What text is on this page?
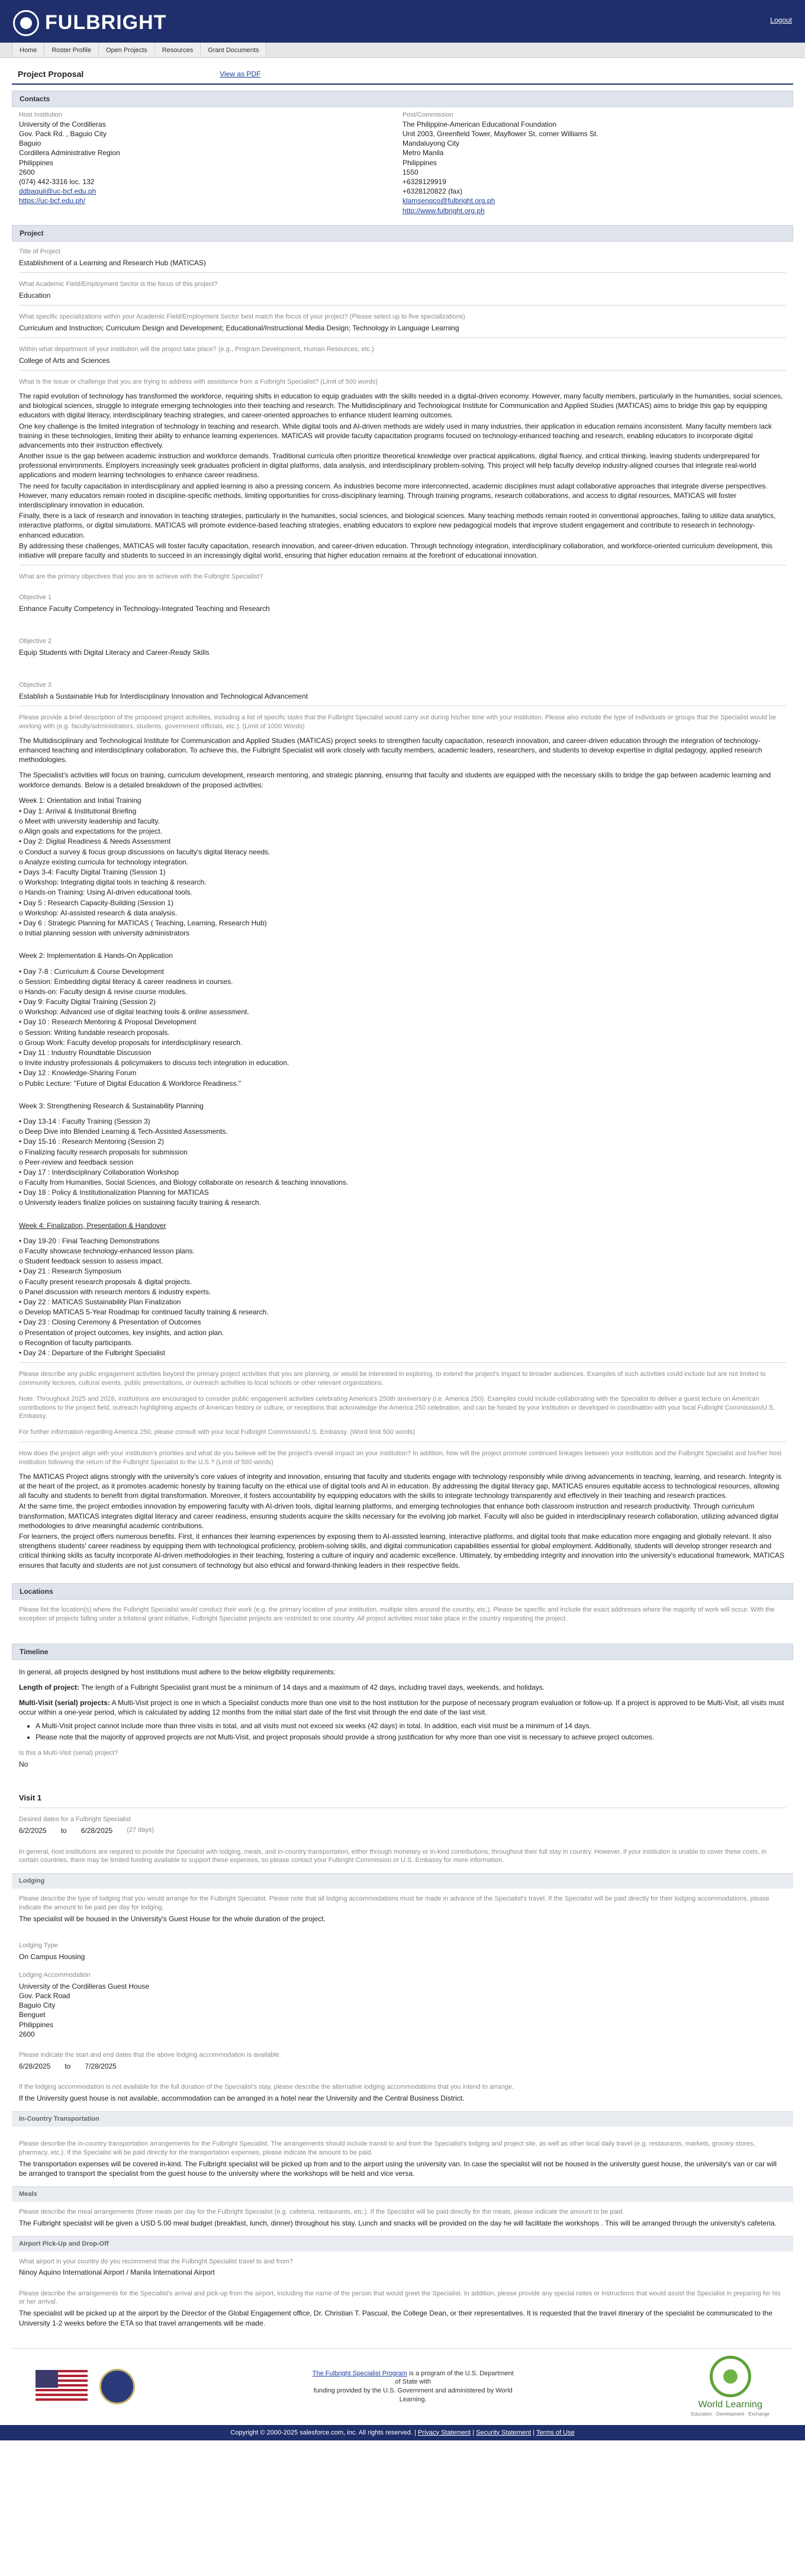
FULBRIGHT	Logout
Home	Roster Profile	Open Projects	Resources	Grant Documents
Project Proposal	View as PDF
Contacts
Host Institution
University of the Cordilleras
Gov. Pack Rd. , Baguio City
Baguio
Cordillera Administrative Region
Philippines
2600
(074) 442-3316 loc. 132
ddbaquil@uc-bcf.edu.ph
https://uc-bcf.edu.ph/
Post/Commission
The Philippine-American Educational Foundation
Unit 2003, Greenfield Tower, Mayflower St. corner Williams St.
Mandaluyong City
Metro Manila
Philippines
1550
+6328129919
+6328120822 (fax)
klamsengco@fulbright.org.ph
http://www.fulbright.org.ph
Project
Title of Project
Establishment of a Learning and Research Hub (MATICAS)
What Academic Field/Employment Sector is the focus of this project?
Education
What specific specializations within your Academic Field/Employment Sector best match the focus of your project? (Please select up to five specializations)
Curriculum and Instruction; Curriculum Design and Development; Educational/Instructional Media Design; Technology in Language Learning
Within what department of your institution will the project take place? (e.g., Program Development, Human Resources, etc.)
College of Arts and Sciences
What is the issue or challenge that you are trying to address with assistance from a Fulbright Specialist? (Limit of 500 words)

The rapid evolution of technology has transformed the workforce, requiring shifts in education to equip graduates with the skills needed in a digital-driven economy. However, many faculty members, particularly in the humanities, social sciences, and biological sciences, struggle to integrate emerging technologies into their teaching and research. The Multidisciplinary and Technological Institute for Communication and Applied Studies (MATICAS) aims to bridge this gap by equipping educators with digital literacy, interdisciplinary teaching strategies, and career-oriented approaches to enhance student learning outcomes.

One key challenge is the limited integration of technology in teaching and research. While digital tools and AI-driven methods are widely used in many industries, their application in education remains inconsistent. Many faculty members lack training in these technologies, limiting their ability to enhance learning experiences. MATICAS will provide faculty capacitation programs focused on technology-enhanced teaching and research, enabling educators to incorporate digital advancements into their instruction effectively.

Another issue is the gap between academic instruction and workforce demands. Traditional curricula often prioritize theoretical knowledge over practical applications, digital fluency, and critical thinking, leaving students underprepared for professional environments. Employers increasingly seek graduates proficient in digital platforms, data analysis, and interdisciplinary problem-solving. This project will help faculty develop industry-aligned courses that integrate real-world applications and modern learning technologies to enhance career readiness.

The need for faculty capacitation in interdisciplinary and applied learning is also a pressing concern. As industries become more interconnected, academic disciplines must adapt collaborative approaches that integrate diverse perspectives. However, many educators remain rooted in discipline-specific methods, limiting opportunities for cross-disciplinary learning. Through training programs, research collaborations, and access to digital resources, MATICAS will foster interdisciplinary innovation in education.

Finally, there is a lack of research and innovation in teaching strategies, particularly in the humanities, social sciences, and biological sciences. Many teaching methods remain rooted in conventional approaches, failing to utilize data analytics, interactive platforms, or digital simulations. MATICAS will promote evidence-based teaching strategies, enabling educators to explore new pedagogical models that improve student engagement and contribute to research in technology-enhanced education.

By addressing these challenges, MATICAS will foster faculty capacitation, research innovation, and career-driven education. Through technology integration, interdisciplinary collaboration, and workforce-oriented curriculum development, this initiative will prepare faculty and students to succeed in an increasingly digital world, ensuring that higher education remains at the forefront of educational innovation.

What are the primary objectives that you are to achieve with the Fulbright Specialist?
Objective 1
Enhance Faculty Competency in Technology-Integrated Teaching and Research
Objective 2
Equip Students with Digital Literacy and Career-Ready Skills
Objective 3
Establish a Sustainable Hub for Interdisciplinary Innovation and Technological Advancement
Please provide a brief description of the proposed project activities, including a list of specific tasks that the Fulbright Specialist would carry out during his/her time with your institution. Please also include the type of individuals or groups that the Specialist would be working with (e.g. faculty/administrators, students, government officials, etc.). (Limit of 1000 Words)

The Multidisciplinary and Technological Institute for Communication and Applied Studies (MATICAS) project seeks to strengthen faculty capacitation, research innovation, and career-driven education through the integration of technology-enhanced teaching and interdisciplinary collaboration. To achieve this, the Fulbright Specialist will work closely with faculty members, academic leaders, researchers, and students to develop expertise in digital pedagogy, applied research methodologies.

The Specialist's activities will focus on training, curriculum development, research mentoring, and strategic planning, ensuring that faculty and students are equipped with the necessary skills to bridge the gap between academic learning and workforce demands. Below is a detailed breakdown of the proposed activities:

Week 1: Orientation and Initial Training
• Day 1: Arrival & Institutional Briefing
o Meet with university leadership and faculty.
o Align goals and expectations for the project.
• Day 2: Digital Readiness & Needs Assessment
o Conduct a survey & focus group discussions on faculty's digital literacy needs.
o Analyze existing curricula for technology integration.
• Days 3-4: Faculty Digital Training (Session 1)
o Workshop: Integrating digital tools in teaching & research.
o Hands-on Training: Using AI-driven educational tools.
• Day 5 : Research Capacity-Building (Session 1)
o Workshop: AI-assisted research & data analysis.
• Day 6 : Strategic Planning for MATICAS ( Teaching, Learning, Research Hub)
o Initial planning session with university administrators
Week 2: Implementation & Hands-On Application
• Day 7-8 : Curriculum & Course Development
o Session: Embedding digital literacy & career readiness in courses.
o Hands-on: Faculty design & revise course modules.
• Day 9: Faculty Digital Training (Session 2)
o Workshop: Advanced use of digital teaching tools & online assessment.
• Day 10 : Research Mentoring & Proposal Development
o Session: Writing fundable research proposals.
o Group Work: Faculty develop proposals for interdisciplinary research.
• Day 11 : Industry Roundtable Discussion
o Invite industry professionals & policymakers to discuss tech integration in education.
• Day 12 : Knowledge-Sharing Forum
o Public Lecture: "Future of Digital Education & Workforce Readiness."
Week 3: Strengthening Research & Sustainability Planning
• Day 13-14 : Faculty Training (Session 3)
o Deep Dive into Blended Learning & Tech-Assisted Assessments.
• Day 15-16 : Research Mentoring (Session 2)
o Finalizing faculty research proposals for submission
o Peer-review and feedback session
• Day 17 : Interdisciplinary Collaboration Workshop
o Faculty from Humanities, Social Sciences, and Biology collaborate on research & teaching innovations.
• Day 18 : Policy & Institutionalization Planning for MATICAS
o University leaders finalize policies on sustaining faculty training & research.
Week 4: Finalization, Presentation & Handover
• Day 19-20 : Final Teaching Demonstrations
o Faculty showcase technology-enhanced lesson plans.
o Student feedback session to assess impact.
• Day 21 : Research Symposium
o Faculty present research proposals & digital projects.
o Panel discussion with research mentors & industry experts.
• Day 22 : MATICAS Sustainability Plan Finalization
o Develop MATICAS 5-Year Roadmap for continued faculty training & research.
• Day 23 : Closing Ceremony & Presentation of Outcomes
o Presentation of project outcomes, key insights, and action plan.
o Recognition of faculty participants.
• Day 24 : Departure of the Fulbright Specialist
Please describe any public engagement activities beyond the primary project activities that you are planning, or would be interested in exploring, to extend the project's impact to broader audiences. Examples of such activities could include but are not limited to community lectures, cultural events, public presentations, or outreach activities to local schools or other relevant organizations.
Note: Throughout 2025 and 2026, institutions are encouraged to consider public engagement activities celebrating America's 250th anniversary (i.e. America 250). Examples could include collaborating with the Specialist to deliver a guest lecture on American contributions to the project field, outreach highlighting aspects of American history or culture, or receptions that acknowledge the America 250 celebration, and can be hosted by your institution or developed in coordination with your local Fulbright Commission/U.S. Embassy.
For further information regarding America 250, please consult with your local Fulbright Commission/U.S. Embassy. (Word limit 500 words)
How does the project align with your institution's priorities and what do you believe will be the project's overall impact on your institution? In addition, how will the project promote continued linkages between your institution and the Fulbright Specialist and his/her host institution following the return of the Fulbright Specialist to the U.S.? (Limit of 500 words)

The MATICAS Project aligns strongly with the university's core values of integrity and innovation, ensuring that faculty and students engage with technology responsibly while driving advancements in teaching, learning, and research. Integrity is at the heart of the project, as it promotes academic honesty by training faculty on the ethical use of digital tools and AI in education. By addressing the digital literacy gap, MATICAS ensures equitable access to technological resources, allowing all faculty and students to benefit from digital transformation. Moreover, it fosters accountability by equipping educators with the skills to integrate technology transparently and effectively in their teaching and research practices.

At the same time, the project embodies innovation by empowering faculty with AI-driven tools, digital learning platforms, and emerging technologies that enhance both classroom instruction and research productivity. Through curriculum transformation, MATICAS integrates digital literacy and career readiness, ensuring students acquire the skills necessary for the evolving job market. Faculty will also be guided in interdisciplinary research collaboration, utilizing advanced digital methodologies to drive meaningful academic contributions.

For learners, the project offers numerous benefits. First, it enhances their learning experiences by exposing them to AI-assisted learning, interactive platforms, and digital tools that make education more engaging and globally relevant. It also strengthens students' career readiness by equipping them with technological proficiency, problem-solving skills, and digital communication capabilities essential for global employment. Additionally, students will develop stronger research and critical thinking skills as faculty incorporate AI-driven methodologies in their teaching, fostering a culture of inquiry and academic excellence. Ultimately, by embedding integrity and innovation into the university's educational framework, MATICAS ensures that faculty and students are not just consumers of technology but also ethical and forward-thinking leaders in their respective fields.

Locations
Please list the location(s) where the Fulbright Specialist would conduct their work (e.g. the primary location of your institution, multiple sites around the country, etc.). Please be specific and include the exact addresses where the majority of work will occur. With the exception of projects falling under a trilateral grant initiative, Fulbright Specialist projects are restricted to one country. All project activities must take place in the country requesting the project.
Timeline
In general, all projects designed by host institutions must adhere to the below eligibility requirements:
Length of project: The length of a Fulbright Specialist grant must be a minimum of 14 days and a maximum of 42 days, including travel days, weekends, and holidays.
Multi-Visit (serial) projects: A Multi-Visit project is one in which a Specialist conducts more than one visit to the host institution for the purpose of necessary program evaluation or follow-up. If a project is approved to be Multi-Visit, all visits must occur within a one-year period, which is calculated by adding 12 months from the initial start date of the first visit through the end date of the last visit.
• A Multi-Visit project cannot include more than three visits in total, and all visits must not exceed six weeks (42 days) in total. In addition, each visit must be a minimum of 14 days.
• Please note that the majority of approved projects are not Multi-Visit, and project proposals should provide a strong justification for why more than one visit is necessary to achieve project outcomes.
Is this a Multi-Visit (serial) project?
No
Visit 1
Desired dates for a Fulbright Specialist
6/2/2025 to 6/28/2025 (27 days)
In general, host institutions are required to provide the Specialist with lodging, meals, and in-country transportation, either through monetary or in-kind contributions, throughout their full stay in country. However, if your institution is unable to cover these costs, in certain countries, there may be limited funding available to support these expenses, so please contact your Fulbright Commission or U.S. Embassy for more information.
Lodging
Please describe the type of lodging that you would arrange for the Fulbright Specialist. Please note that all lodging accommodations must be made in advance of the Specialist's travel. If the Specialist will be paid directly for their lodging accommodations, please indicate the amount to be paid per day for lodging.
The specialist will be housed in the University's Guest House for the whole duration of the project.
Lodging Type
On Campus Housing
Lodging Accommodation
University of the Cordilleras Guest House
Gov. Pack Road
Baguio City
Benguet
Philippines
2600
Please indicate the start and end dates that the above lodging accommodation is available.
6/28/2025 to 7/28/2025
If the lodging accommodation is not available for the full duration of the Specialist's stay, please describe the alternative lodging accommodations that you intend to arrange.
If the University guest house is not available, accommodation can be arranged in a hotel near the University and the Central Business District.
In-Country Transportation
Please describe the in-country transportation arrangements for the Fulbright Specialist. The arrangements should include transit to and from the Specialist's lodging and project site, as well as other local daily travel (e.g. restaurants, markets, grocery stores, pharmacy, etc.). If the Specialist will be paid directly for the transportation expenses, please indicate the amount to be paid.
The transportation expenses will be covered in-kind. The Fulbright specialist will be picked up from and to the airport using the university van. In case the specialist will not be housed in the university guest house, the university's van or car will be arranged to transport the specialist from the guest house to the university where the workshops will be held and vice versa.
Meals
Please describe the meal arrangements (three meals per day for the Fulbright Specialist (e.g. cafeteria, restaurants, etc.). If the Specialist will be paid directly for the meals, please indicate the amount to be paid.
The Fulbright specialist will be given a USD 5.00 meal budget (breakfast, lunch, dinner) throughout his stay. Lunch and snacks will be provided on the day he will facilitate the workshops . This will be arranged through the university's cafeteria.
Airport Pick-Up and Drop-Off
What airport in your country do you recommend that the Fulbright Specialist travel to and from?
Ninoy Aquino International Airport / Manila International Airport
Please describe the arrangements for the Specialist's arrival and pick-up from the airport, including the name of the person that would greet the Specialist. In addition, please provide any special notes or instructions that would assist the Specialist in preparing for his or her arrival.
The specialist will be picked up at the airport by the Director of the Global Engagement office, Dr. Christian T. Pascual, the College Dean, or their representatives. It is requested that the travel itinerary of the specialist be communicated to the University 1-2 weeks before the ETA so that travel arrangements will be made.
The Fulbright Specialist Program is a program of the U.S. Department of State with
funding provided by the U.S. Government and administered by World Learning.	World Learning
Education · Development · Exchange
Copyright © 2000-2025 salesforce.com, inc. All rights reserved. | Privacy Statement | Security Statement | Terms of Use
